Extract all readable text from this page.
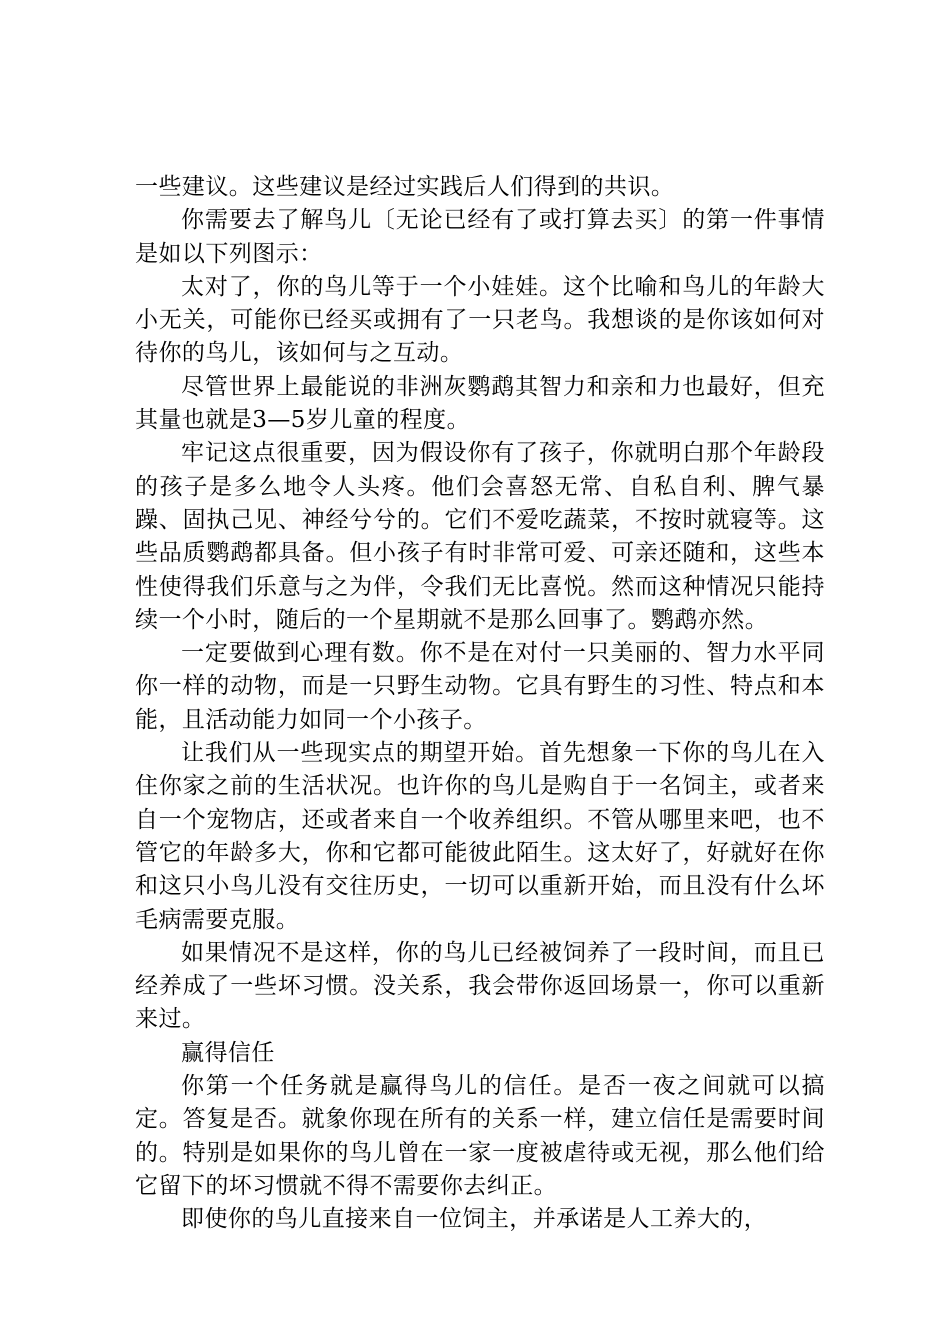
一些建议。这些建议是经过实践后人们得到的共识。

你需要去了解鸟儿〔无论已经有了或打算去买〕的第一件事情是如以下列图示：

太对了，你的鸟儿等于一个小娃娃。这个比喻和鸟儿的年龄大小无关，可能你已经买或拥有了一只老鸟。我想谈的是你该如何对待你的鸟儿，该如何与之互动。

尽管世界上最能说的非洲灰鹦鹉其智力和亲和力也最好，但充其量也就是3—5岁儿童的程度。

牢记这点很重要，因为假设你有了孩子，你就明白那个年龄段的孩子是多么地令人头疼。他们会喜怒无常、自私自利、脾气暴躁、固执己见、神经兮兮的。它们不爱吃蔬菜，不按时就寝等。这些品质鹦鹉都具备。但小孩子有时非常可爱、可亲还随和，这些本性使得我们乐意与之为伴，令我们无比喜悦。然而这种情况只能持续一个小时，随后的一个星期就不是那么回事了。鹦鹉亦然。

一定要做到心理有数。你不是在对付一只美丽的、智力水平同你一样的动物，而是一只野生动物。它具有野生的习性、特点和本能，且活动能力如同一个小孩子。

让我们从一些现实点的期望开始。首先想象一下你的鸟儿在入住你家之前的生活状况。也许你的鸟儿是购自于一名饲主，或者来自一个宠物店，还或者来自一个收养组织。不管从哪里来吧，也不管它的年龄多大，你和它都可能彼此陌生。这太好了，好就好在你和这只小鸟儿没有交往历史，一切可以重新开始，而且没有什么坏毛病需要克服。

如果情况不是这样，你的鸟儿已经被饲养了一段时间，而且已经养成了一些坏习惯。没关系，我会带你返回场景一，你可以重新来过。

赢得信任

你第一个任务就是赢得鸟儿的信任。是否一夜之间就可以搞定。答复是否。就象你现在所有的关系一样，建立信任是需要时间的。特别是如果你的鸟儿曾在一家一度被虐待或无视，那么他们给它留下的坏习惯就不得不需要你去纠正。

即使你的鸟儿直接来自一位饲主，并承诺是人工养大的，
